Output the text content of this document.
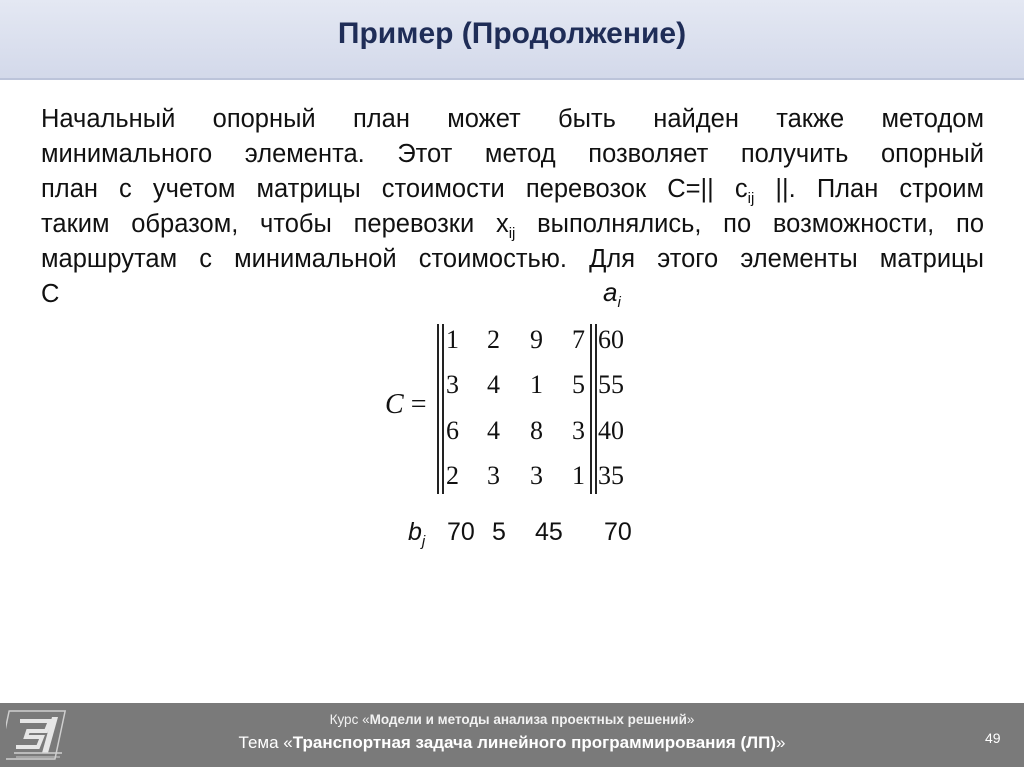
Пример (Продолжение)
Начальный опорный план может быть найден также методом
минимального элемента. Этот метод позволяет получить опорный
план с учетом матрицы стоимости перевозок С=|| $с_{ij}$ ||. План строим
таким образом, чтобы перевозки $x_{ij}$ выполнялись, по возможности, по
маршрутам с минимальной стоимостью. Для этого элементы матрицы
С	$a_i$
C =
1 2 9 7 60
3 4 1 5 55
6 4 8 3 40
2 3 3 1 35
$b_j$ 70 5 45 70
Курс «Модели и методы анализа проектных решений»
Тема «Транспортная задача линейного программирования (ЛП)»	49
